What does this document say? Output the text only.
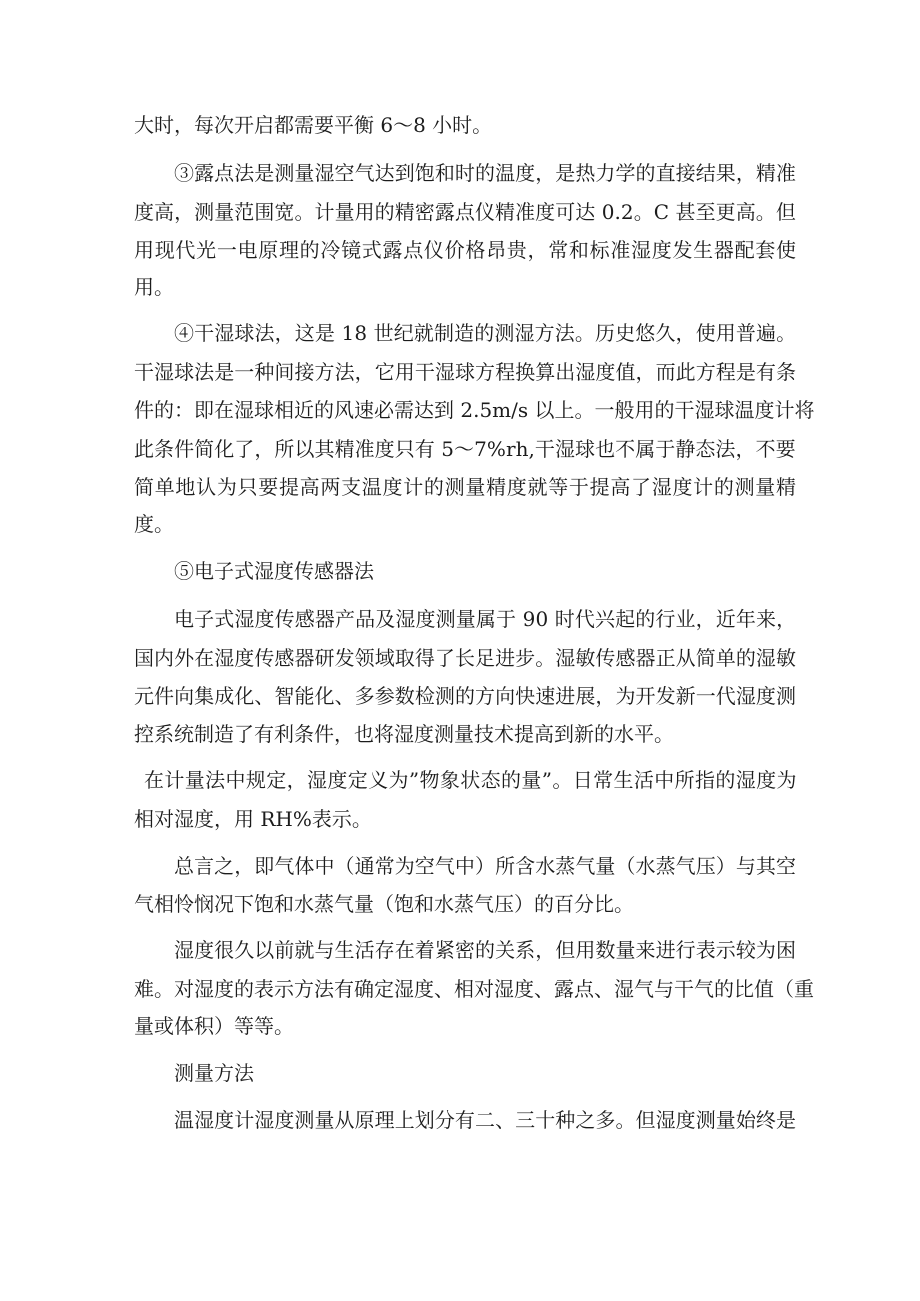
大时，每次开启都需要平衡 6～8 小时。
③露点法是测量湿空气达到饱和时的温度，是热力学的直接结果，精准
度高，测量范围宽。计量用的精密露点仪精准度可达 0.2。C 甚至更高。但
用现代光一电原理的冷镜式露点仪价格昂贵，常和标准湿度发生器配套使
用。
④干湿球法，这是 18 世纪就制造的测湿方法。历史悠久，使用普遍。
干湿球法是一种间接方法，它用干湿球方程换算出湿度值，而此方程是有条
件的：即在湿球相近的风速必需达到 2.5m/s 以上。一般用的干湿球温度计将
此条件简化了，所以其精准度只有 5～7%rh,干湿球也不属于静态法，不要
简单地认为只要提高两支温度计的测量精度就等于提高了湿度计的测量精
度。
⑤电子式湿度传感器法
电子式湿度传感器产品及湿度测量属于 90 时代兴起的行业，近年来，
国内外在湿度传感器研发领域取得了长足进步。湿敏传感器正从简单的湿敏
元件向集成化、智能化、多参数检测的方向快速进展，为开发新一代湿度测
控系统制造了有利条件，也将湿度测量技术提高到新的水平。
在计量法中规定，湿度定义为”物象状态的量”。日常生活中所指的湿度为
相对湿度，用 RH%表示。
总言之，即气体中（通常为空气中）所含水蒸气量（水蒸气压）与其空
气相怜悯况下饱和水蒸气量（饱和水蒸气压）的百分比。
湿度很久以前就与生活存在着紧密的关系，但用数量来进行表示较为困
难。对湿度的表示方法有确定湿度、相对湿度、露点、湿气与干气的比值（重
量或体积）等等。
测量方法
温湿度计湿度测量从原理上划分有二、三十种之多。但湿度测量始终是
